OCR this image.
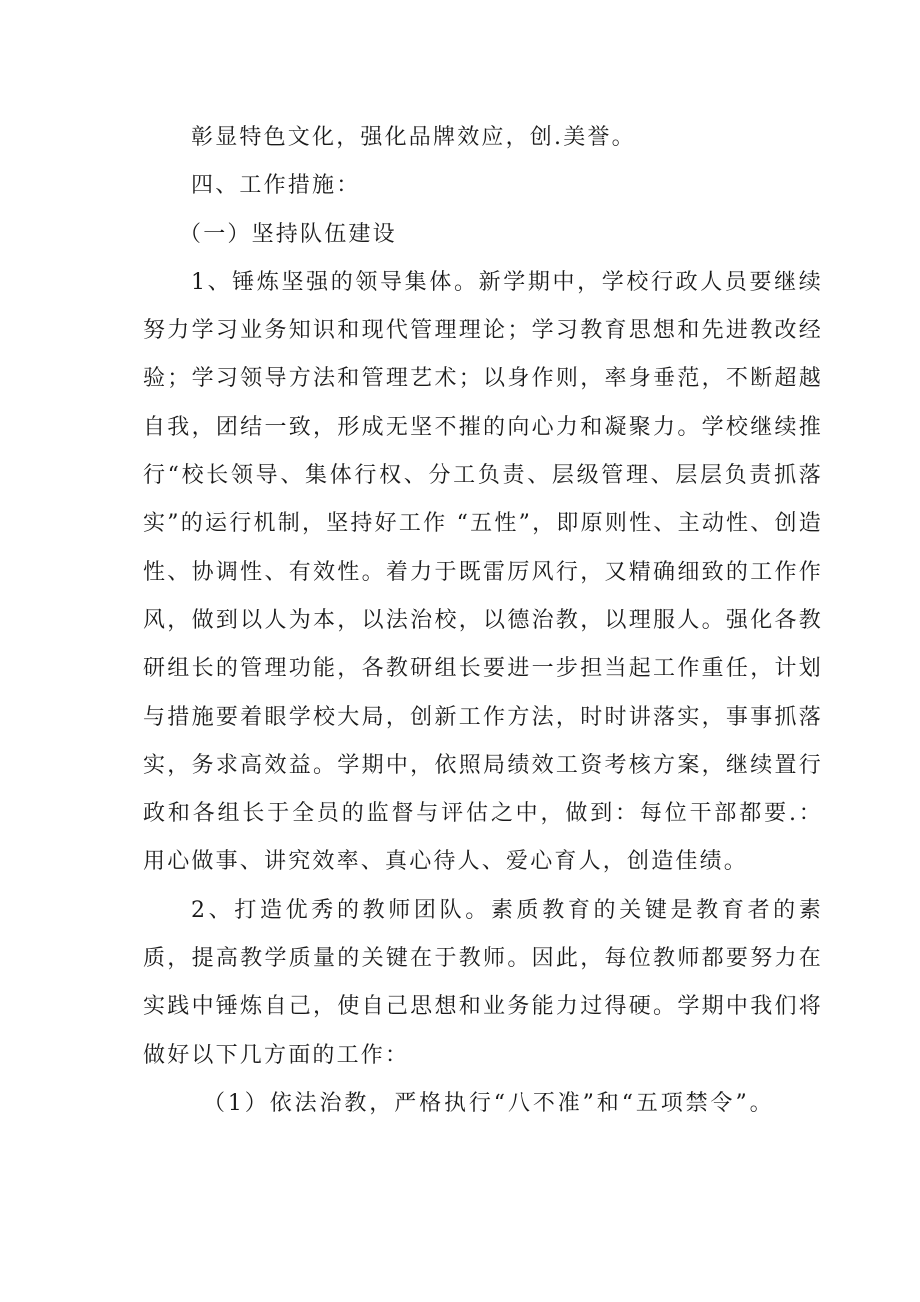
彰显特色文化，强化品牌效应，创.美誉。

四、工作措施：

（一）坚持队伍建设

1、锤炼坚强的领导集体。新学期中，学校行政人员要继续努力学习业务知识和现代管理理论；学习教育思想和先进教改经验；学习领导方法和管理艺术；以身作则，率身垂范，不断超越自我，团结一致，形成无坚不摧的向心力和凝聚力。学校继续推行“校长领导、集体行权、分工负责、层级管理、层层负责抓落实”的运行机制，坚持好工作 “五性”，即原则性、主动性、创造性、协调性、有效性。着力于既雷厉风行，又精确细致的工作作风，做到以人为本，以法治校，以德治教，以理服人。强化各教研组长的管理功能，各教研组长要进一步担当起工作重任，计划与措施要着眼学校大局，创新工作方法，时时讲落实，事事抓落实，务求高效益。学期中，依照局绩效工资考核方案，继续置行政和各组长于全员的监督与评估之中，做到：每位干部都要.：用心做事、讲究效率、真心待人、爱心育人，创造佳绩。

2、打造优秀的教师团队。素质教育的关键是教育者的素质，提高教学质量的关键在于教师。因此，每位教师都要努力在实践中锤炼自己，使自己思想和业务能力过得硬。学期中我们将做好以下几方面的工作：

（1）依法治教，严格执行“八不准”和“五项禁令”。
